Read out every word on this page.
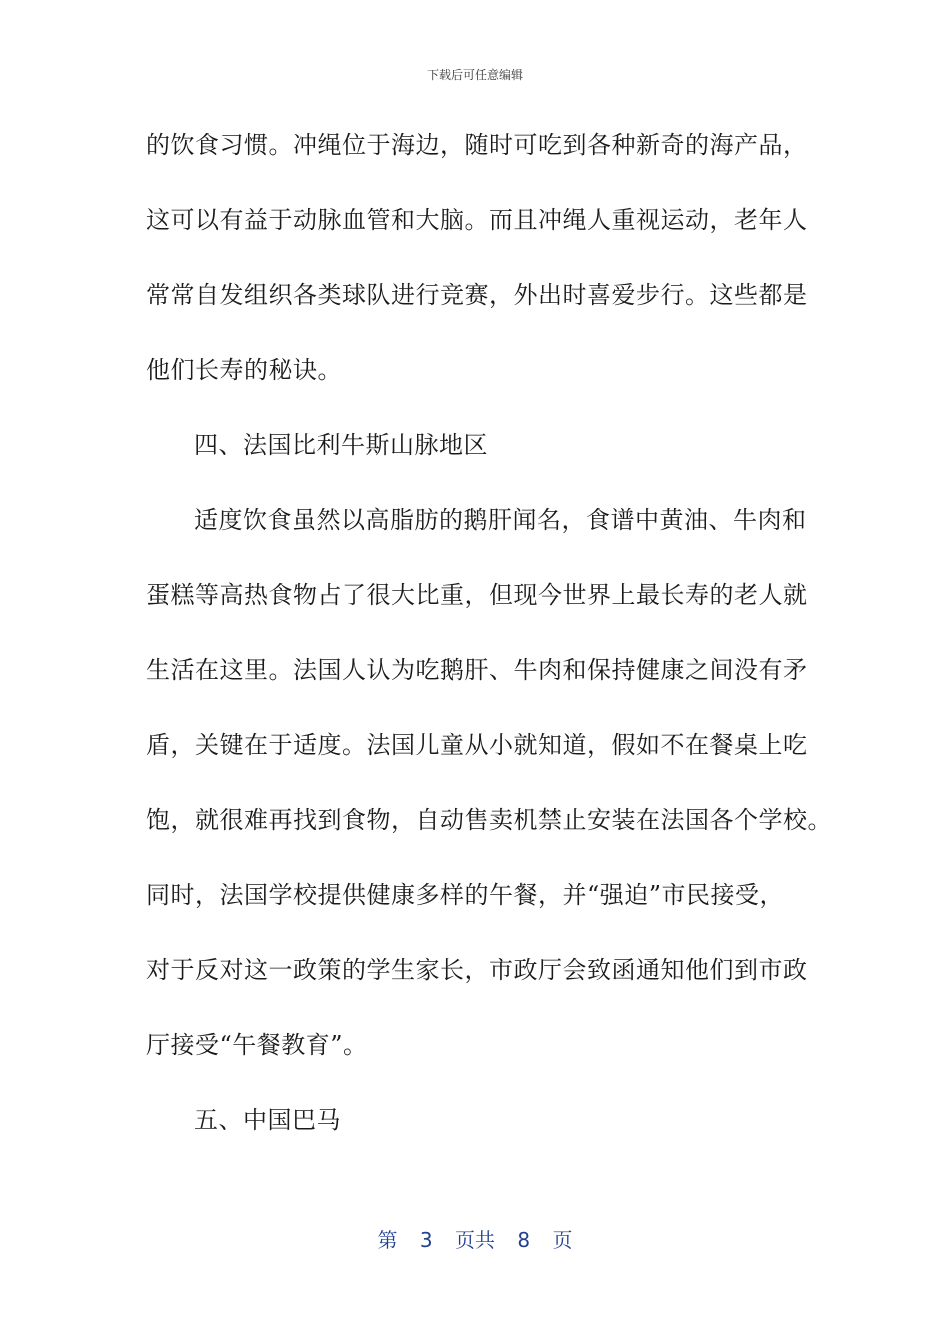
下载后可任意编辑
的饮食习惯。冲绳位于海边，随时可吃到各种新奇的海产品，
这可以有益于动脉血管和大脑。而且冲绳人重视运动，老年人
常常自发组织各类球队进行竞赛，外出时喜爱步行。这些都是
他们长寿的秘诀。
四、法国比利牛斯山脉地区
适度饮食虽然以高脂肪的鹅肝闻名，食谱中黄油、牛肉和
蛋糕等高热食物占了很大比重，但现今世界上最长寿的老人就
生活在这里。法国人认为吃鹅肝、牛肉和保持健康之间没有矛
盾，关键在于适度。法国儿童从小就知道，假如不在餐桌上吃
饱，就很难再找到食物，自动售卖机禁止安装在法国各个学校。
同时，法国学校提供健康多样的午餐，并“强迫”市民接受，
对于反对这一政策的学生家长，市政厅会致函通知他们到市政
厅接受“午餐教育”。
五、中国巴马
第 3 页共 8 页
